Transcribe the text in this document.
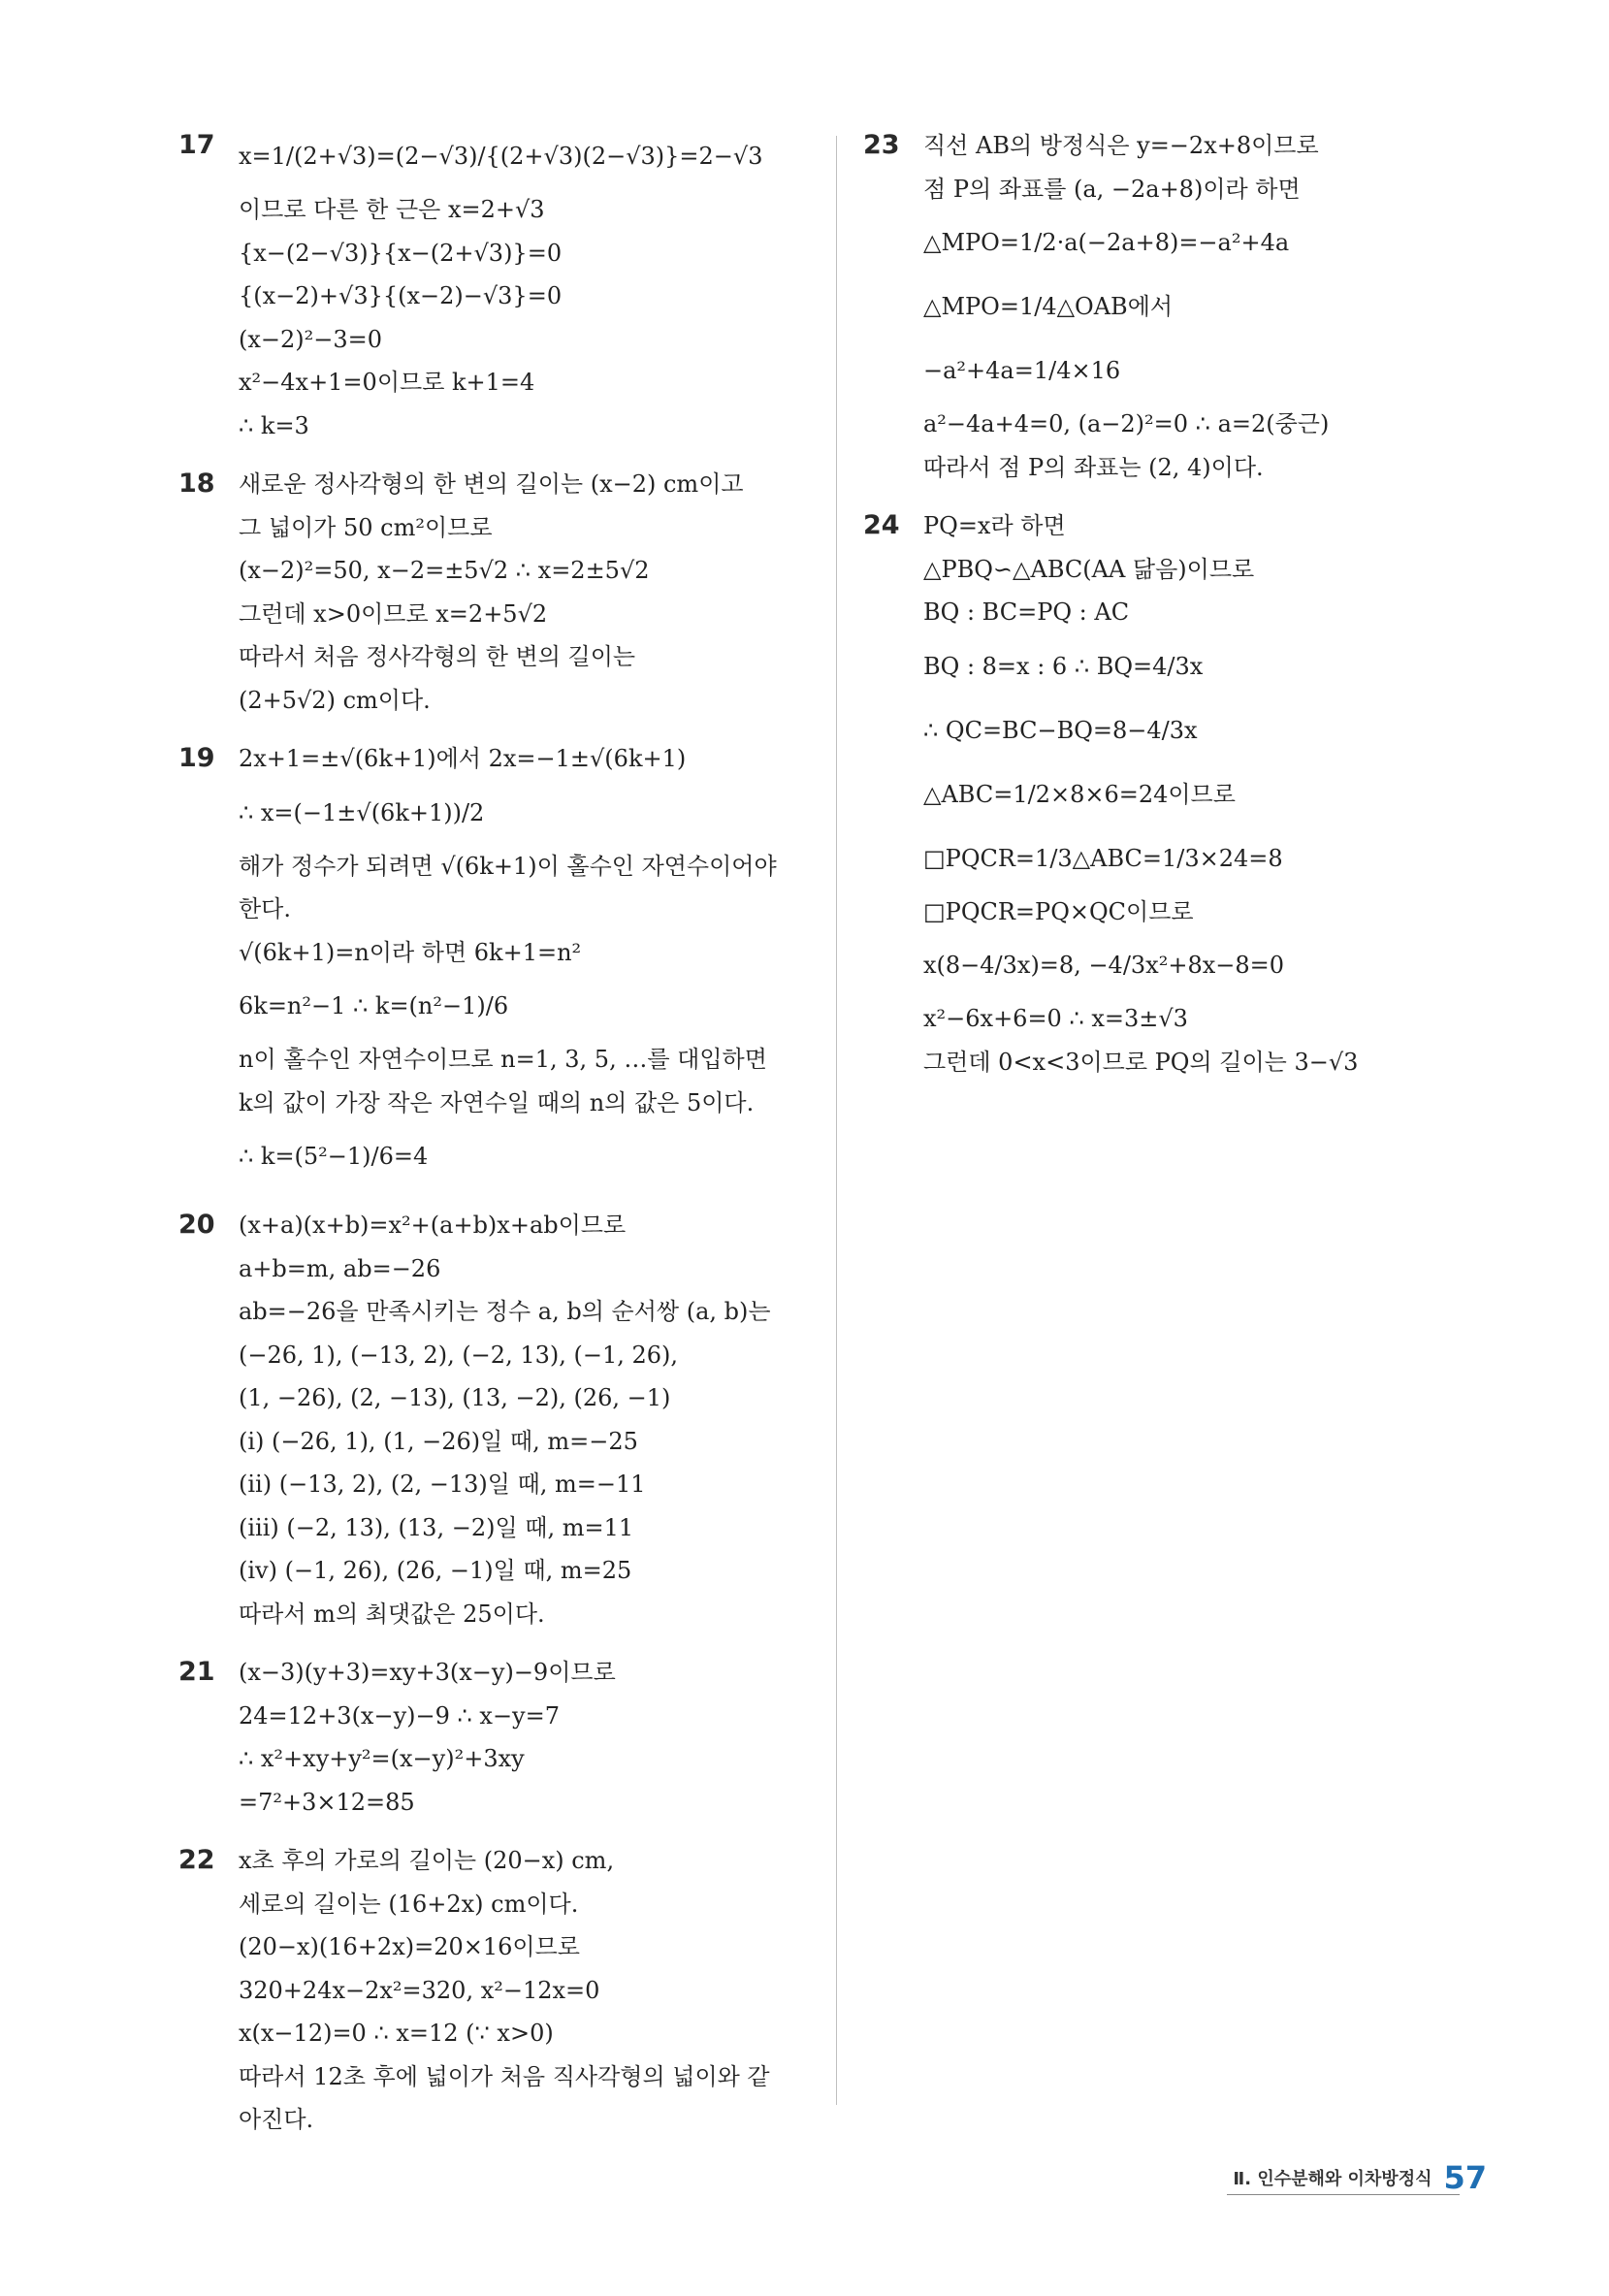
17 x=1/(2+√3)=(2−√3)/{(2+√3)(2−√3)}=2−√3
이므로 다른 한 근은 x=2+√3
{x−(2−√3)}{x−(2+√3)}=0
{(x−2)+√3}{(x−2)−√3}=0
(x−2)²−3=0
x²−4x+1=0이므로 k+1=4
∴ k=3
18 새로운 정사각형의 한 변의 길이는 (x−2) cm이고
그 넓이가 50 cm²이므로
(x−2)²=50, x−2=±5√2 ∴ x=2±5√2
그런데 x>0이므로 x=2+5√2
따라서 처음 정사각형의 한 변의 길이는
(2+5√2) cm이다.
19 2x+1=±√(6k+1)에서 2x=−1±√(6k+1)
∴ x=(−1±√(6k+1))/2
해가 정수가 되려면 √(6k+1)이 홀수인 자연수이어야
한다.
√(6k+1)=n이라 하면 6k+1=n²
6k=n²−1 ∴ k=(n²−1)/6
n이 홀수인 자연수이므로 n=1, 3, 5, …를 대입하면
k의 값이 가장 작은 자연수일 때의 n의 값은 5이다.
∴ k=(5²−1)/6=4
20 (x+a)(x+b)=x²+(a+b)x+ab이므로
a+b=m, ab=−26
ab=−26을 만족시키는 정수 a, b의 순서쌍 (a, b)는
(−26, 1), (−13, 2), (−2, 13), (−1, 26),
(1, −26), (2, −13), (13, −2), (26, −1)
(ⅰ) (−26, 1), (1, −26)일 때, m=−25
(ⅱ) (−13, 2), (2, −13)일 때, m=−11
(ⅲ) (−2, 13), (13, −2)일 때, m=11
(ⅳ) (−1, 26), (26, −1)일 때, m=25
따라서 m의 최댓값은 25이다.
21 (x−3)(y+3)=xy+3(x−y)−9이므로
24=12+3(x−y)−9 ∴ x−y=7
∴ x²+xy+y²=(x−y)²+3xy
=7²+3×12=85
22 x초 후의 가로의 길이는 (20−x) cm,
세로의 길이는 (16+2x) cm이다.
(20−x)(16+2x)=20×16이므로
320+24x−2x²=320, x²−12x=0
x(x−12)=0 ∴ x=12 (∵ x>0)
따라서 12초 후에 넓이가 처음 직사각형의 넓이와 같
아진다.
23 직선 AB의 방정식은 y=−2x+8이므로
점 P의 좌표를 (a, −2a+8)이라 하면
△MPO=1/2·a(−2a+8)=−a²+4a
△MPO=1/4△OAB에서
−a²+4a=1/4×16
a²−4a+4=0, (a−2)²=0 ∴ a=2(중근)
따라서 점 P의 좌표는 (2, 4)이다.
24 PQ=x라 하면
△PBQ∽△ABC(AA 닮음)이므로
BQ : BC=PQ : AC
BQ : 8=x : 6 ∴ BQ=4/3x
∴ QC=BC−BQ=8−4/3x
△ABC=1/2×8×6=24이므로
□PQCR=1/3△ABC=1/3×24=8
□PQCR=PQ×QC이므로
x(8−4/3x)=8, −4/3x²+8x−8=0
x²−6x+6=0 ∴ x=3±√3
그런데 0<x<3이므로 PQ의 길이는 3−√3
Ⅱ. 인수분해와 이차방정식 57
